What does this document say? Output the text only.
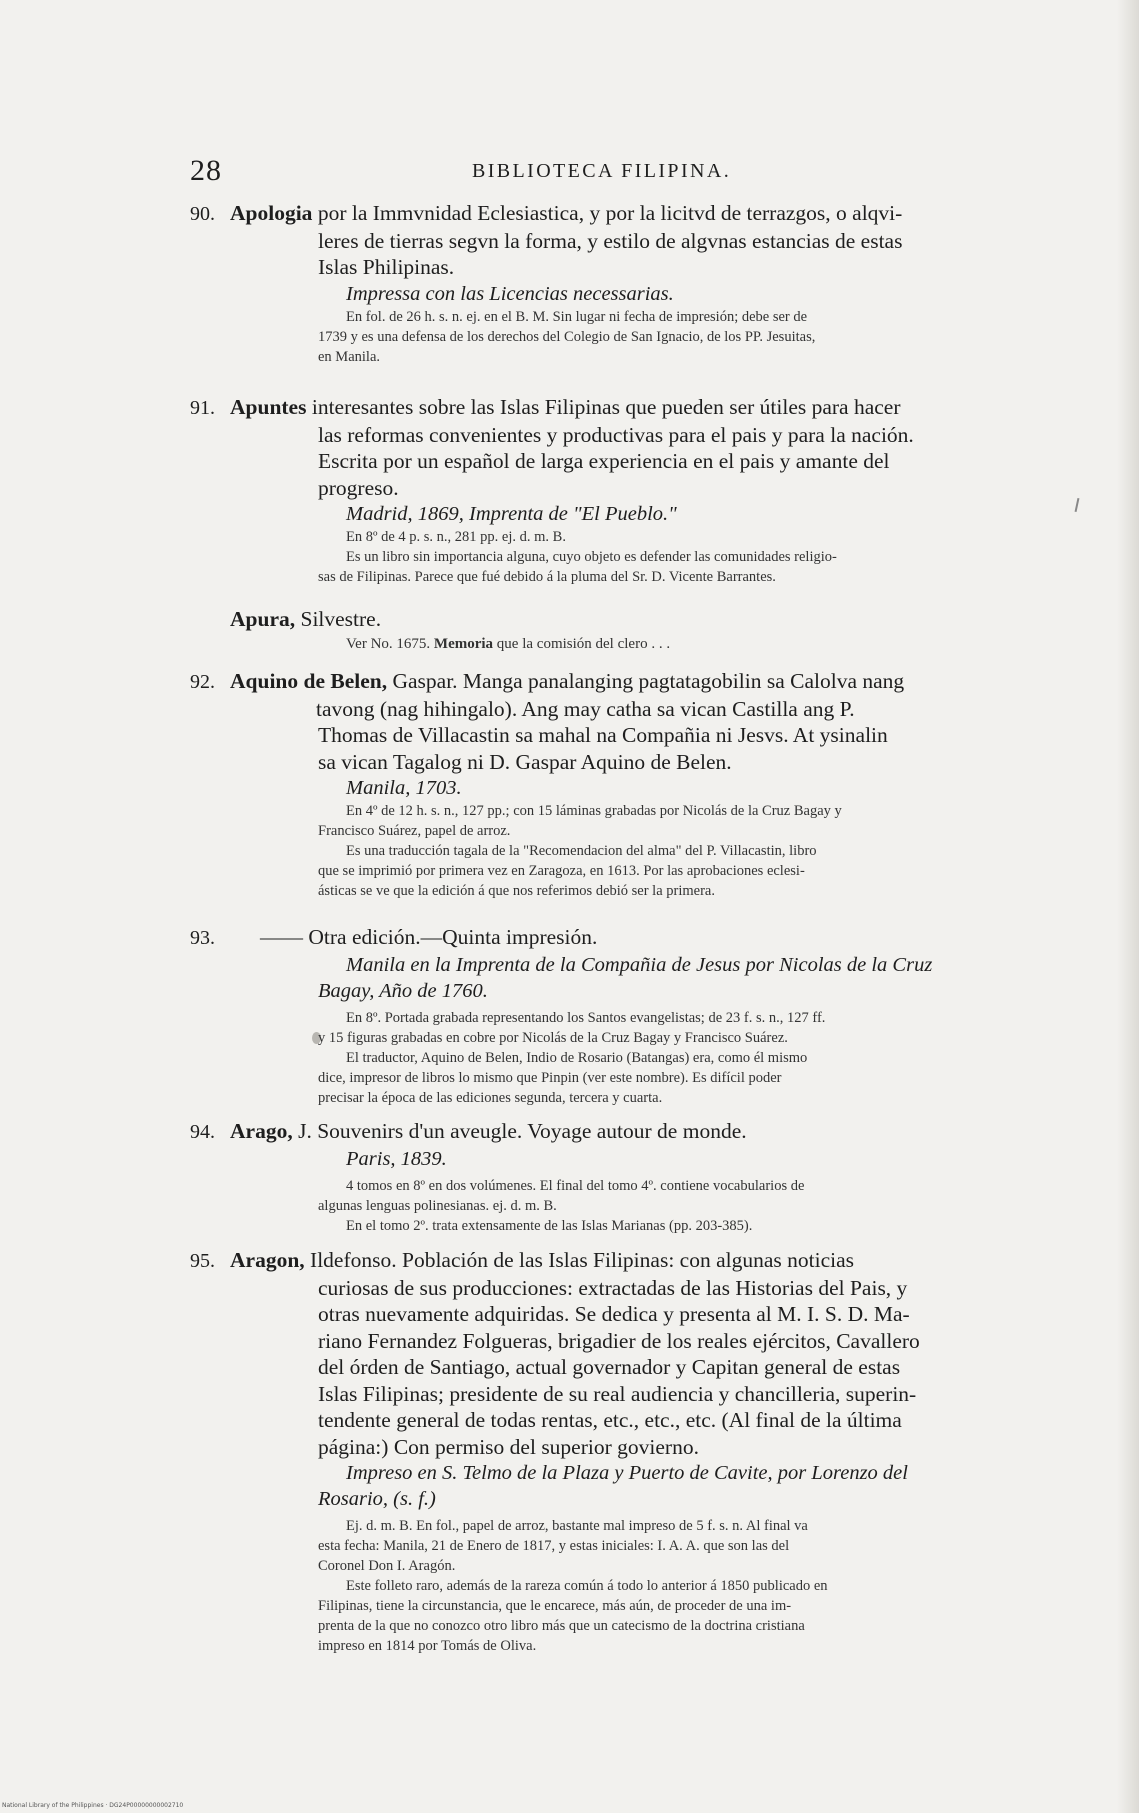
28	BIBLIOTECA FILIPINA.
90. Apologia por la Immvnidad Eclesiastica, y por la licitvd de terrazgos, o alqvi-
leres de tierras segvn la forma, y estilo de algvnas estancias de estas
Islas Philipinas.
Impressa con las Licencias necessarias.
En fol. de 26 h. s. n. ej. en el B. M. Sin lugar ni fecha de impresión; debe ser de
1739 y es una defensa de los derechos del Colegio de San Ignacio, de los PP. Jesuitas,
en Manila.
91. Apuntes interesantes sobre las Islas Filipinas que pueden ser útiles para hacer
las reformas convenientes y productivas para el pais y para la nación.
Escrita por un español de larga experiencia en el pais y amante del
progreso.
Madrid, 1869, Imprenta de "El Pueblo."
En 8º de 4 p. s. n., 281 pp. ej. d. m. B.
Es un libro sin importancia alguna, cuyo objeto es defender las comunidades religio-
sas de Filipinas. Parece que fué debido á la pluma del Sr. D. Vicente Barrantes.
Apura, Silvestre.
Ver No. 1675. Memoria que la comisión del clero . . .
92. Aquino de Belen, Gaspar. Manga panalanging pagtatagobilin sa Calolva nang
tavong (nag hihingalo). Ang may catha sa vican Castilla ang P.
Thomas de Villacastin sa mahal na Compañia ni Jesvs. At ysinalin
sa vican Tagalog ni D. Gaspar Aquino de Belen.
Manila, 1703.
En 4º de 12 h. s. n., 127 pp.; con 15 láminas grabadas por Nicolás de la Cruz Bagay y
Francisco Suárez, papel de arroz.
Es una traducción tagala de la "Recomendacion del alma" del P. Villacastin, libro
que se imprimió por primera vez en Zaragoza, en 1613. Por las aprobaciones eclesi-
ásticas se ve que la edición á que nos referimos debió ser la primera.
93. —— Otra edición.—Quinta impresión.
Manila en la Imprenta de la Compañia de Jesus por Nicolas de la Cruz
Bagay, Año de 1760.
En 8º. Portada grabada representando los Santos evangelistas; de 23 f. s. n., 127 ff.
y 15 figuras grabadas en cobre por Nicolás de la Cruz Bagay y Francisco Suárez.
El traductor, Aquino de Belen, Indio de Rosario (Batangas) era, como él mismo
dice, impresor de libros lo mismo que Pinpin (ver este nombre). Es difícil poder
precisar la época de las ediciones segunda, tercera y cuarta.
94. Arago, J. Souvenirs d'un aveugle. Voyage autour de monde.
Paris, 1839.
4 tomos en 8º en dos volúmenes. El final del tomo 4º. contiene vocabularios de
algunas lenguas polinesianas. ej. d. m. B.
En el tomo 2º. trata extensamente de las Islas Marianas (pp. 203-385).
95. Aragon, Ildefonso. Población de las Islas Filipinas: con algunas noticias
curiosas de sus producciones: extractadas de las Historias del Pais, y
otras nuevamente adquiridas. Se dedica y presenta al M. I. S. D. Ma-
riano Fernandez Folgueras, brigadier de los reales ejércitos, Cavallero
del órden de Santiago, actual governador y Capitan general de estas
Islas Filipinas; presidente de su real audiencia y chancilleria, superin-
tendente general de todas rentas, etc., etc., etc. (Al final de la última
página:) Con permiso del superior govierno.
Impreso en S. Telmo de la Plaza y Puerto de Cavite, por Lorenzo del
Rosario, (s. f.)
Ej. d. m. B. En fol., papel de arroz, bastante mal impreso de 5 f. s. n. Al final va
esta fecha: Manila, 21 de Enero de 1817, y estas iniciales: I. A. A. que son las del
Coronel Don I. Aragón.
Este folleto raro, además de la rareza común á todo lo anterior á 1850 publicado en
Filipinas, tiene la circunstancia, que le encarece, más aún, de proceder de una im-
prenta de la que no conozco otro libro más que un catecismo de la doctrina cristiana
impreso en 1814 por Tomás de Oliva.
National Library of the Philippines · DG24P00000000002710
